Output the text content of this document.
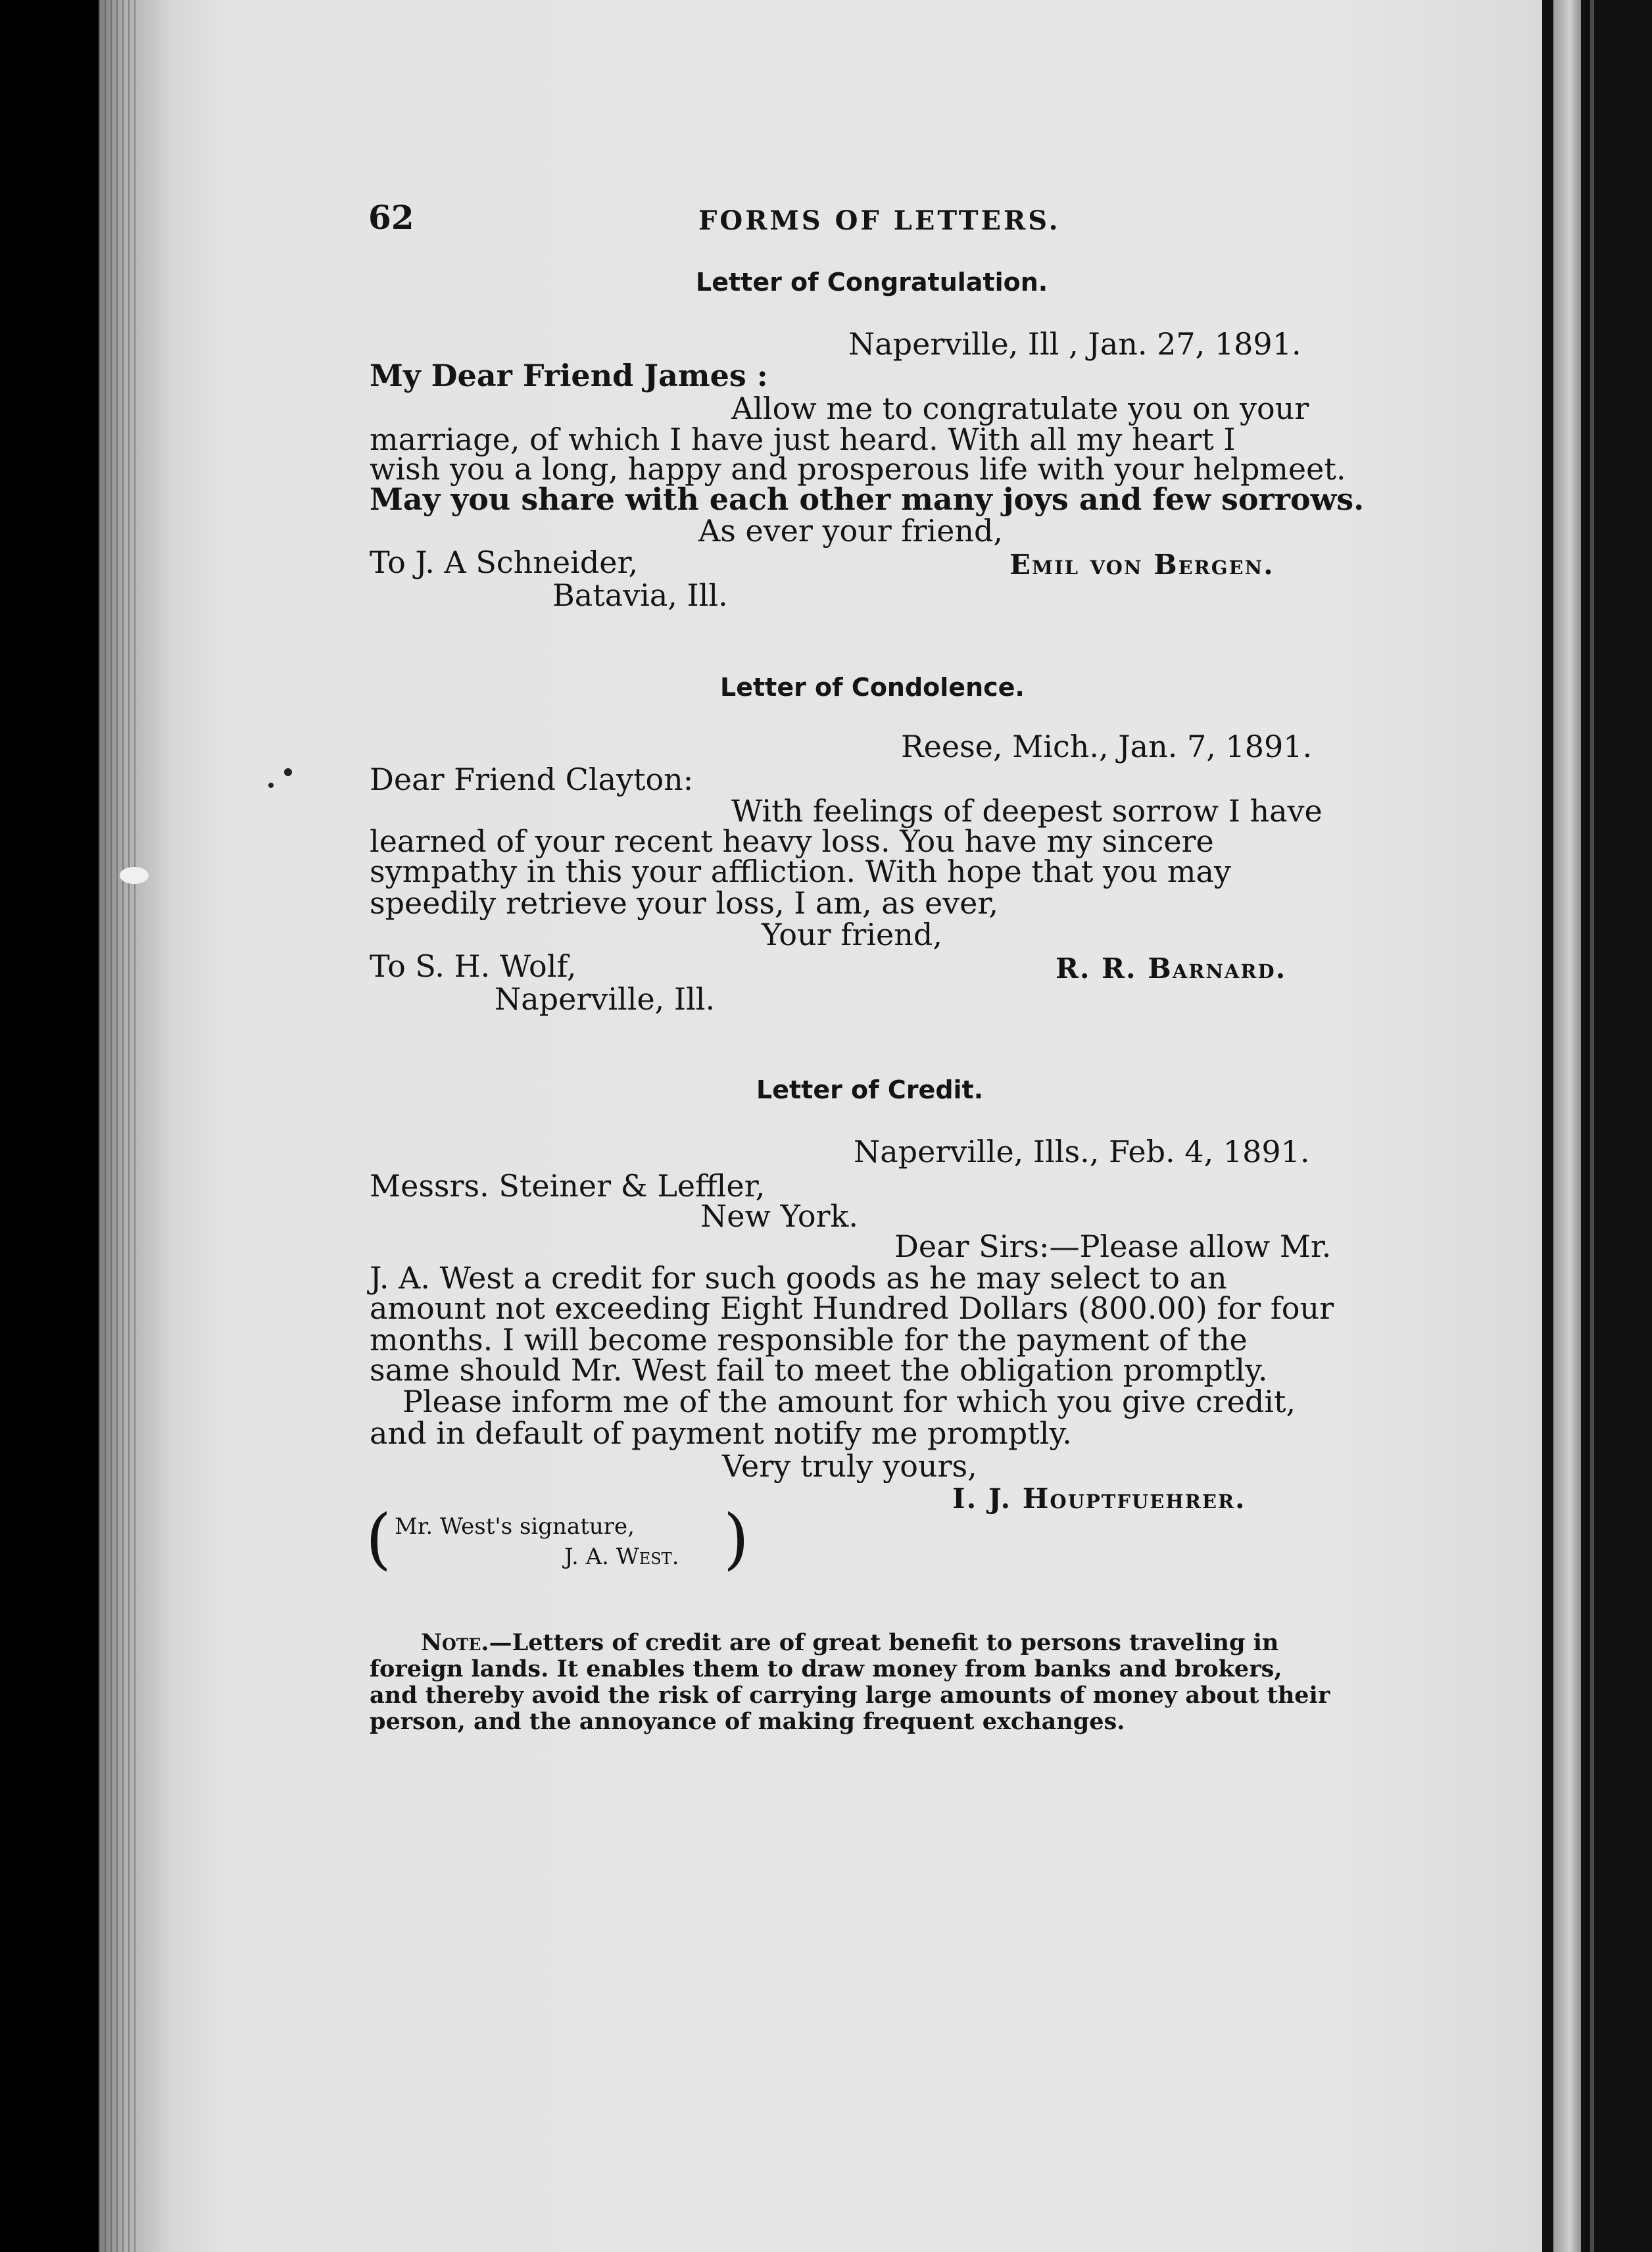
62	FORMS OF LETTERS.
Letter of Congratulation.
Naperville, Ill , Jan. 27, 1891.
My Dear Friend James :
Allow me to congratulate you on your
marriage, of which I have just heard. With all my heart I
wish you a long, happy and prosperous life with your helpmeet.
May you share with each other many joys and few sorrows.
As ever your friend,
To J. A Schneider,	Emil von Bergen.
Batavia, Ill.
Letter of Condolence.
Reese, Mich., Jan. 7, 1891.
Dear Friend Clayton:
With feelings of deepest sorrow I have
learned of your recent heavy loss. You have my sincere
sympathy in this your affliction. With hope that you may
speedily retrieve your loss, I am, as ever,
Your friend,
To S. H. Wolf,	R. R. Barnard.
Naperville, Ill.
Letter of Credit.
Naperville, Ills., Feb. 4, 1891.
Messrs. Steiner & Leffler,
New York.
Dear Sirs:—Please allow Mr.
J. A. West a credit for such goods as he may select to an
amount not exceeding Eight Hundred Dollars (800.00) for four
months. I will become responsible for the payment of the
same should Mr. West fail to meet the obligation promptly.
Please inform me of the amount for which you give credit,
and in default of payment notify me promptly.
Very truly yours,
I. J. Houptfuehrer.
( Mr. West's signature,
J. A. West. )
Note.—Letters of credit are of great benefit to persons traveling in
foreign lands. It enables them to draw money from banks and brokers,
and thereby avoid the risk of carrying large amounts of money about their
person, and the annoyance of making frequent exchanges.
